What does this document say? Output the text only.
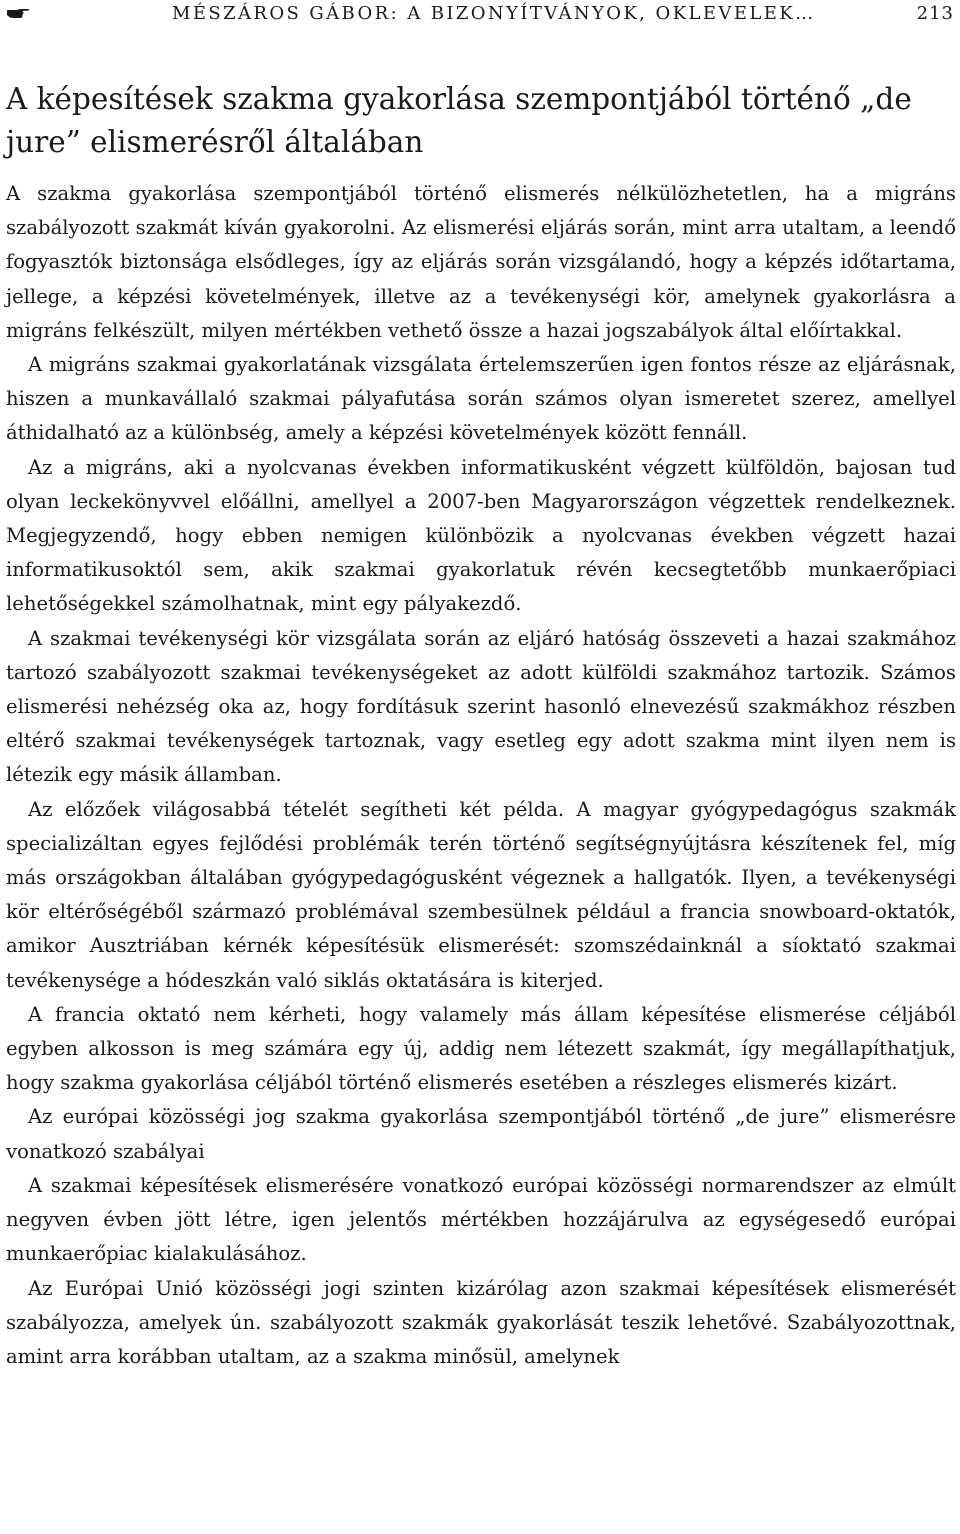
MÉSZÁROS GÁBOR: A BIZONYÍTVÁNYOK, OKLEVELEK…	213
A képesítések szakma gyakorlása szempontjából történő „de jure” elismerésről általában

A szakma gyakorlása szempontjából történő elismerés nélkülözhetetlen, ha a migráns szabályozott szakmát kíván gyakorolni. Az elismerési eljárás során, mint arra utaltam, a leendő fogyasztók biztonsága elsődleges, így az eljárás során vizsgálandó, hogy a képzés időtartama, jellege, a képzési követelmények, illetve az a tevékenységi kör, amelynek gyakorlásra a migráns felkészült, milyen mértékben vethető össze a hazai jogszabályok által előírtakkal.

A migráns szakmai gyakorlatának vizsgálata értelemszerűen igen fontos része az eljárásnak, hiszen a munkavállaló szakmai pályafutása során számos olyan ismeretet szerez, amellyel áthidalható az a különbség, amely a képzési követelmények között fennáll.

Az a migráns, aki a nyolcvanas években informatikusként végzett külföldön, bajosan tud olyan leckekönyvvel előállni, amellyel a 2007-ben Magyarországon végzettek rendelkeznek. Megjegyzendő, hogy ebben nemigen különbözik a nyolcvanas években végzett hazai informatikusoktól sem, akik szakmai gyakorlatuk révén kecsegtetőbb munkaerőpiaci lehetőségekkel számolhatnak, mint egy pályakezdő.

A szakmai tevékenységi kör vizsgálata során az eljáró hatóság összeveti a hazai szakmához tartozó szabályozott szakmai tevékenységeket az adott külföldi szakmához tartozik. Számos elismerési nehézség oka az, hogy fordításuk szerint hasonló elnevezésű szakmákhoz részben eltérő szakmai tevékenységek tartoznak, vagy esetleg egy adott szakma mint ilyen nem is létezik egy másik államban.

Az előzőek világosabbá tételét segítheti két példa. A magyar gyógypedagógus szakmák specializáltan egyes fejlődési problémák terén történő segítségnyújtásra készítenek fel, míg más országokban általában gyógypedagógusként végeznek a hallgatók. Ilyen, a tevékenységi kör eltérőségéből származó problémával szembesülnek például a francia snowboard-oktatók, amikor Ausztriában kérnék képesítésük elismerését: szomszédainknál a síoktató szakmai tevékenysége a hódeszkán való siklás oktatására is kiterjed.

A francia oktató nem kérheti, hogy valamely más állam képesítése elismerése céljából egyben alkosson is meg számára egy új, addig nem létezett szakmát, így megállapíthatjuk, hogy szakma gyakorlása céljából történő elismerés esetében a részleges elismerés kizárt.

Az európai közösségi jog szakma gyakorlása szempontjából történő „de jure” elismerésre vonatkozó szabályai

A szakmai képesítések elismerésére vonatkozó európai közösségi normarendszer az elmúlt negyven évben jött létre, igen jelentős mértékben hozzájárulva az egységesedő európai munkaerőpiac kialakulásához.

Az Európai Unió közösségi jogi szinten kizárólag azon szakmai képesítések elismerését szabályozza, amelyek ún. szabályozott szakmák gyakorlását teszik lehetővé. Szabályozottnak, amint arra korábban utaltam, az a szakma minősül, amelynek
